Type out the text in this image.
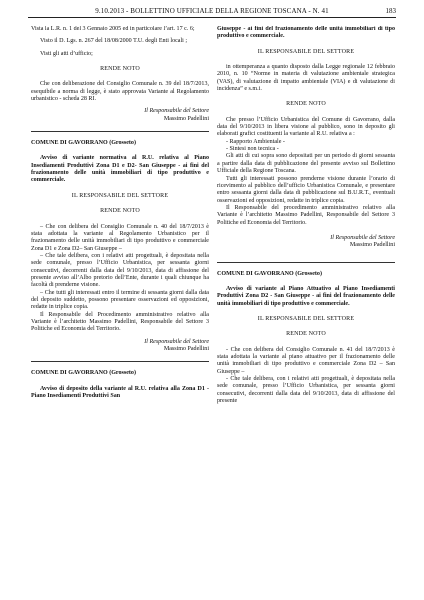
9.10.2013 - BOLLETTINO UFFICIALE DELLA REGIONE TOSCANA - N. 41	183

Vista la L.R. n. 1 del 3 Gennaio 2005 ed in particolare l’art. 17 c. 6;

Visto il D. Lgs. n. 267 del 18/08/2000 T.U. degli Enti locali ;

Visti gli atti d’ufficio;

RENDE NOTO

Che con deliberazione del Consiglio Comunale n. 39 del 18/7/2013, esequibile a norma di legge, è stato approvata Variante al Regolamento urbanistico - scheda 28 RI.

Il Responsabile del Settore

Massimo Padellini

COMUNE DI GAVORRANO (Grosseto)

Avviso di variante normativa al R.U. relativa al Piano Insediamenti Produttivi Zona D1 e D2- San Giuseppe - ai fini del frazionamento delle unità immobiliari di tipo produttivo e commerciale.

IL RESPONSABILE DEL SETTORE

RENDE NOTO

– Che con delibera del Consiglio Comunale n. 40 del 18/7/2013 è stata adottata la variante al Regolamento Urbanistico per il frazionamento delle unità immobiliari di tipo produttivo e commerciale Zona D1 e Zona D2– San Giuseppe –

– Che tale delibera, con i relativi atti progettuali, è depositata nella sede comunale, presso l’Ufficio Urbanistica, per sessanta giorni consecutivi, decorrenti dalla data del 9/10/2013, data di affissione del presente avviso all’Albo pretorio dell’Ente, durante i quali chiunque ha facoltà di prenderne visione.

– Che tutti gli interessati entro il termine di sessanta giorni dalla data del deposito suddetto, possono presentare osservazioni ed opposizioni, redatte in triplice copia.

Il Responsabile del Procedimento amministrativo relativo alla Variante è l’architetto Massimo Padellini, Responsabile del Settore 3 Politiche ed Economia del Territorio.

Il Responsabile del Settore

Massimo Padellini

COMUNE DI GAVORRANO (Grosseto)

Avviso di deposito della variante al R.U. relativa alla Zona D1 - Piano Insediamenti Produttivi San

Giuseppe - ai fini del frazionamento delle unità immobiliari di tipo produttivo e commerciale.

IL RESPONSABILE DEL SETTORE

in ottemperanza a quanto disposto dalla Legge regionale 12 febbraio 2010, n. 10 “Norme in materia di valutazione ambientale strategica (VAS), di valutazione di impatto ambientale (VIA) e di valutazione di incidenza” e s.m.i.

RENDE NOTO

Che presso l’Ufficio Urbanistica del Comune di Gavorrano, dalla data del 9/10/2013 in libera visione al pubblico, sono in deposito gli elaborati grafici costituenti la variante al R.U. relativa a :

- Rapporto Ambientale -

- Sintesi non tecnica -

Gli atti di cui sopra sono depositati per un periodo di giorni sessanta a partire dalla data di pubblicazione del presente avviso sul Bollettino Ufficiale della Regione Toscana.

Tutti gli interessati possono prenderne visione durante l’orario di ricevimento al pubblico dell’ufficio Urbanistica Comunale, e presentare entro sessanta giorni dalla data di pubblicazione sul B.U.R.T., eventuali osservazioni ed opposizioni, redatte in triplice copia.

Il Responsabile del procedimento amministrativo relativo alla Variante è l’architetto Massimo Padellini, Responsabile del Settore 3 Politiche ed Economia del Territorio.

Il Responsabile del Settore

Massimo Padellini

COMUNE DI GAVORRANO (Grosseto)

Avviso di variante al Piano Attuativo al Piano Insediamenti Produttivi Zona D2 - San Giuseppe - ai fini del frazionamento delle unità immobiliari di tipo produttivo e commerciale.

IL RESPONSABILE DEL SETTORE

RENDE NOTO

- Che con delibera del Consiglio Comunale n. 41 del 18/7/2013 è stata adottata la variante al piano attuativo per il frazionamento delle unità immobiliari di tipo produttivo e commerciale Zona D2 – San Giuseppe –

- Che tale delibera, con i relativi atti progettuali, è depositata nella sede comunale, presso l’Ufficio Urbanistica, per sessanta giorni consecutivi, decorrenti dalla data del 9/10/2013, data di affissione del presente
